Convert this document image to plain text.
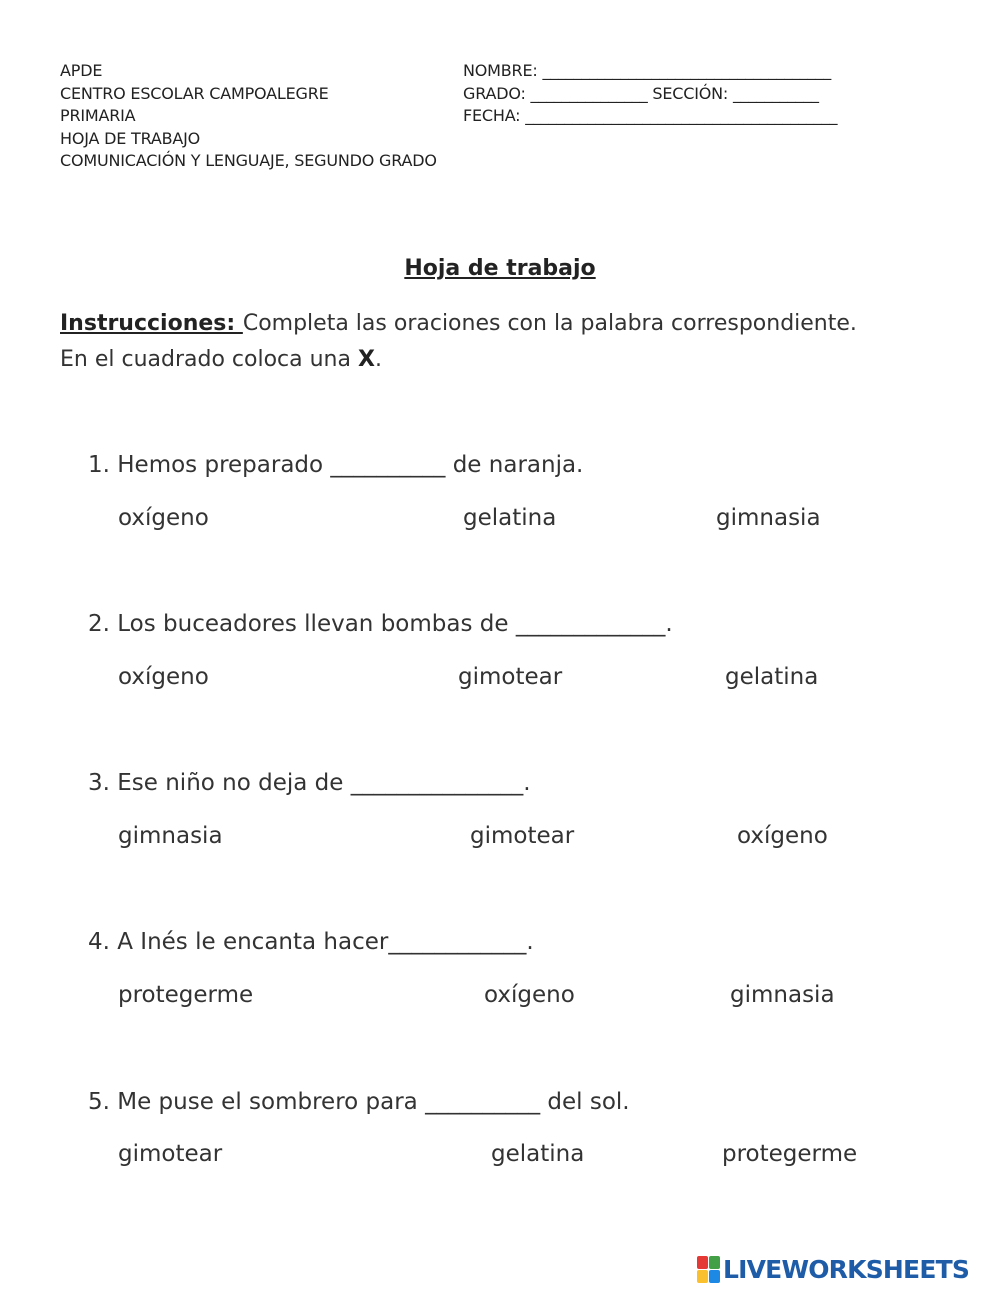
APDE
CENTRO ESCOLAR CAMPOALEGRE
PRIMARIA
HOJA DE TRABAJO
COMUNICACIÓN Y LENGUAJE, SEGUNDO GRADO
NOMBRE: _____________________________________
GRADO: _______________ SECCIÓN: ___________
FECHA: ________________________________________
Hoja de trabajo
Instrucciones: Completa las oraciones con la palabra correspondiente. En el cuadrado coloca una X.
1. Hemos preparado __________ de naranja.
oxígeno	gelatina	gimnasia
2. Los buceadores llevan bombas de _____________.
oxígeno	gimotear	gelatina
3. Ese niño no deja de _______________.
gimnasia	gimotear	oxígeno
4. A Inés le encanta hacer____________.
protegerme	oxígeno	gimnasia
5. Me puse el sombrero para __________ del sol.
gimotear	gelatina	protegerme
LIVEWORKSHEETS
